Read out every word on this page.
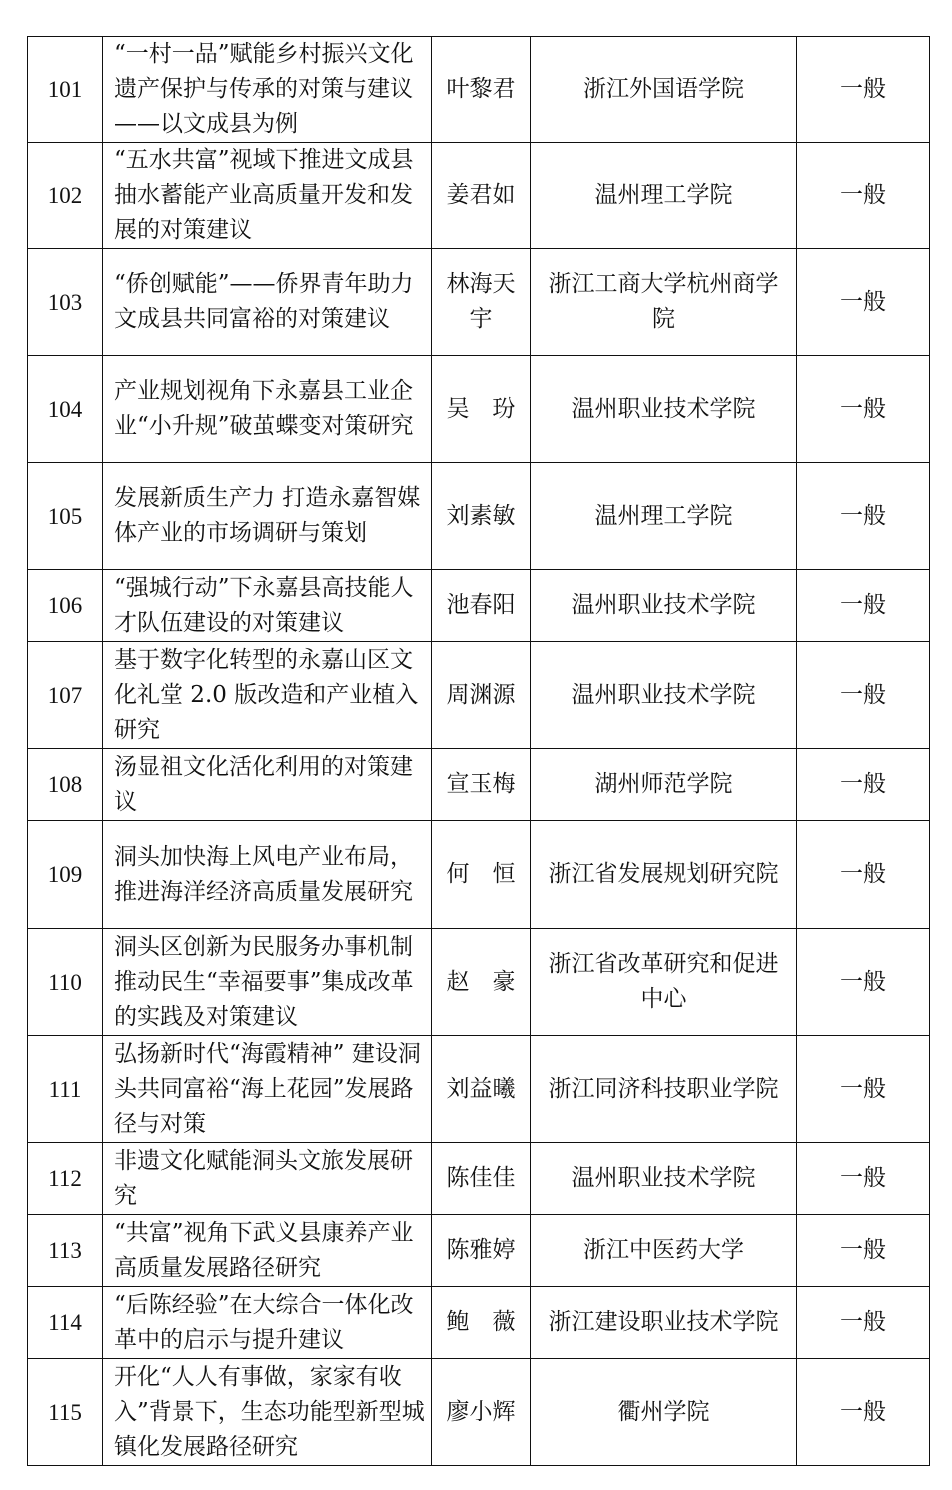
101	“一村一品”赋能乡村振兴文化遗产保护与传承的对策与建议——以文成县为例	叶黎君	浙江外国语学院	一般
102	“五水共富”视域下推进文成县抽水蓄能产业高质量开发和发展的对策建议	姜君如	温州理工学院	一般
103	“侨创赋能”——侨界青年助力文成县共同富裕的对策建议	林海天宇	浙江工商大学杭州商学院	一般
104	产业规划视角下永嘉县工业企业“小升规”破茧蝶变对策研究	吴　玢	温州职业技术学院	一般
105	发展新质生产力 打造永嘉智媒体产业的市场调研与策划	刘素敏	温州理工学院	一般
106	“强城行动”下永嘉县高技能人才队伍建设的对策建议	池春阳	温州职业技术学院	一般
107	基于数字化转型的永嘉山区文化礼堂 2.0 版改造和产业植入研究	周渊源	温州职业技术学院	一般
108	汤显祖文化活化利用的对策建议	宣玉梅	湖州师范学院	一般
109	洞头加快海上风电产业布局，推进海洋经济高质量发展研究	何　恒	浙江省发展规划研究院	一般
110	洞头区创新为民服务办事机制推动民生“幸福要事”集成改革的实践及对策建议	赵　豪	浙江省改革研究和促进中心	一般
111	弘扬新时代“海霞精神” 建设洞头共同富裕“海上花园”发展路径与对策	刘益曦	浙江同济科技职业学院	一般
112	非遗文化赋能洞头文旅发展研究	陈佳佳	温州职业技术学院	一般
113	“共富”视角下武义县康养产业高质量发展路径研究	陈雅婷	浙江中医药大学	一般
114	“后陈经验”在大综合一体化改革中的启示与提升建议	鲍　薇	浙江建设职业技术学院	一般
115	开化“人人有事做，家家有收入”背景下，生态功能型新型城镇化发展路径研究	廖小辉	衢州学院	一般
